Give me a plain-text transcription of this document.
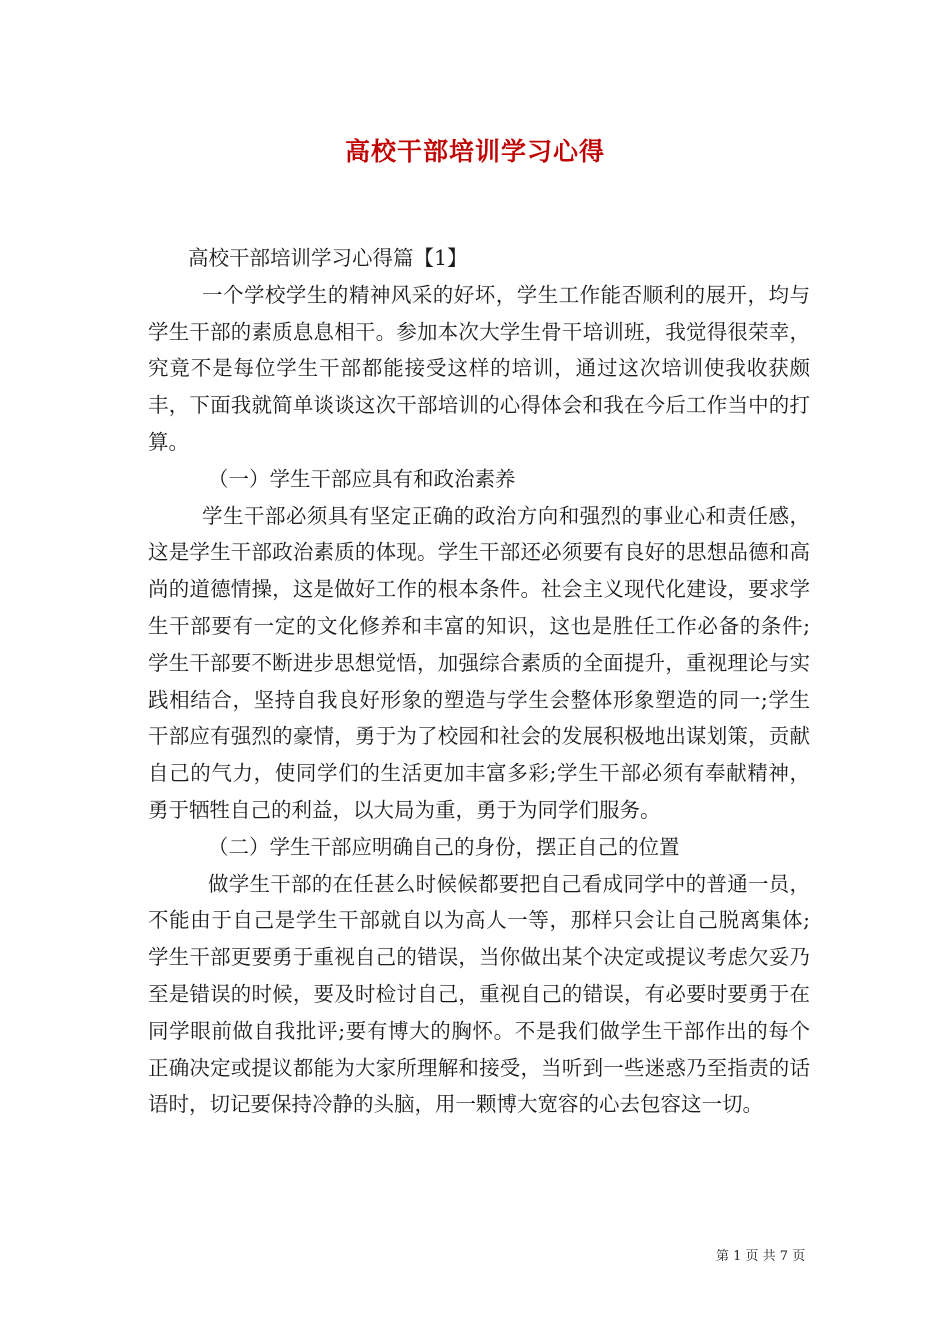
高校干部培训学习心得

高校干部培训学习心得篇【1】

一个学校学生的精神风采的好坏，学生工作能否顺利的展开，均与学生干部的素质息息相干。参加本次大学生骨干培训班，我觉得很荣幸，究竟不是每位学生干部都能接受这样的培训，通过这次培训使我收获颇丰，下面我就简单谈谈这次干部培训的心得体会和我在今后工作当中的打算。

（一）学生干部应具有和政治素养

学生干部必须具有坚定正确的政治方向和强烈的事业心和责任感，这是学生干部政治素质的体现。学生干部还必须要有良好的思想品德和高尚的道德情操，这是做好工作的根本条件。社会主义现代化建设，要求学生干部要有一定的文化修养和丰富的知识，这也是胜任工作必备的条件;学生干部要不断进步思想觉悟，加强综合素质的全面提升，重视理论与实践相结合，坚持自我良好形象的塑造与学生会整体形象塑造的同一;学生干部应有强烈的豪情，勇于为了校园和社会的发展积极地出谋划策，贡献自己的气力，使同学们的生活更加丰富多彩;学生干部必须有奉献精神，勇于牺牲自己的利益，以大局为重，勇于为同学们服务。

（二）学生干部应明确自己的身份，摆正自己的位置

做学生干部的在任甚么时候候都要把自己看成同学中的普通一员，不能由于自己是学生干部就自以为高人一等，那样只会让自己脱离集体;学生干部更要勇于重视自己的错误，当你做出某个决定或提议考虑欠妥乃至是错误的时候，要及时检讨自己，重视自己的错误，有必要时要勇于在同学眼前做自我批评;要有博大的胸怀。不是我们做学生干部作出的每个正确决定或提议都能为大家所理解和接受，当听到一些迷惑乃至指责的话语时，切记要保持冷静的头脑，用一颗博大宽容的心去包容这一切。

第 1 页 共 7 页
